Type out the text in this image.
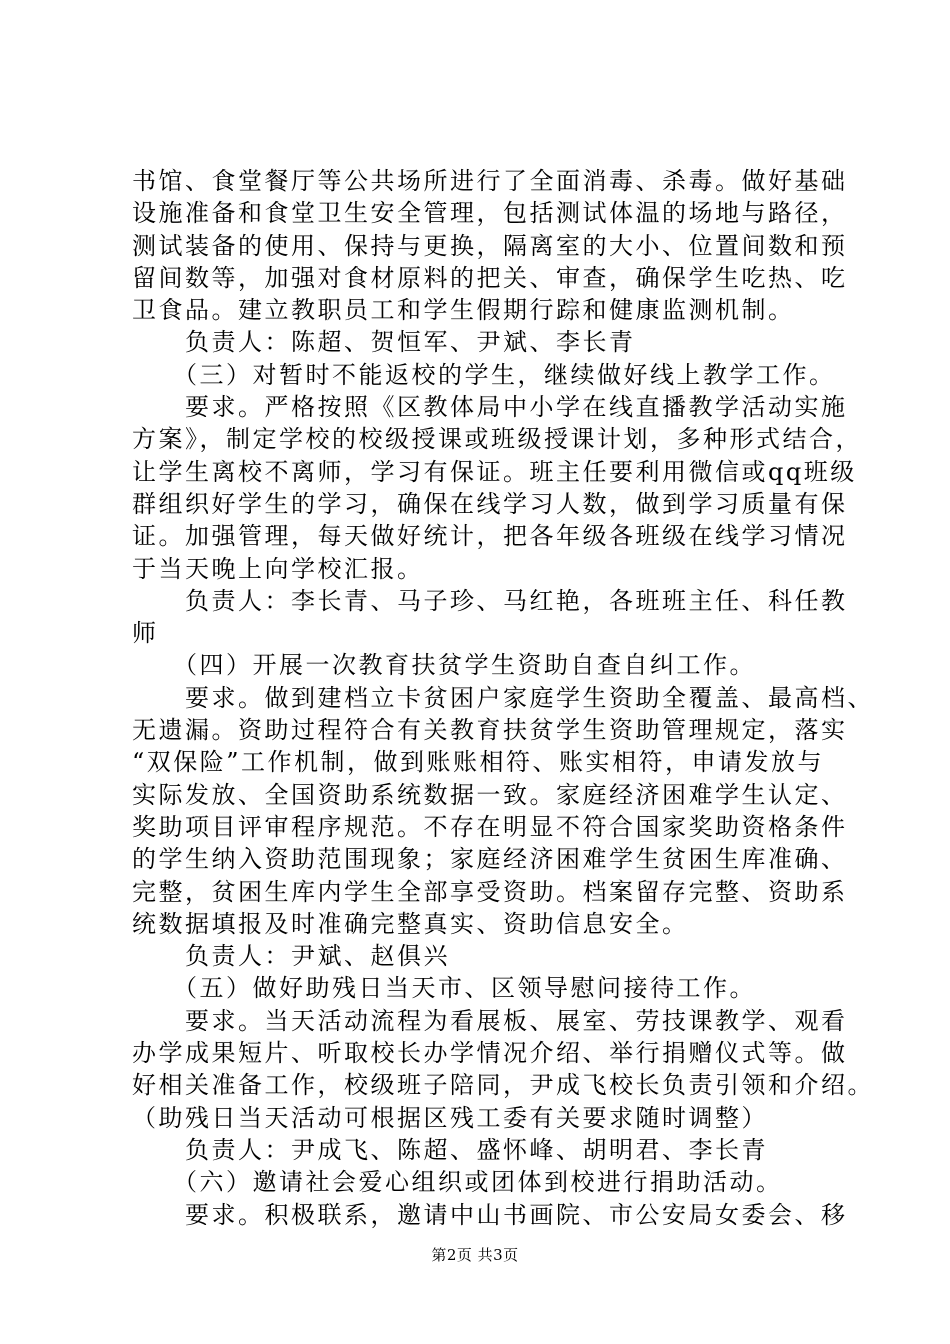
书馆、食堂餐厅等公共场所进行了全面消毒、杀毒。做好基础
设施准备和食堂卫生安全管理，包括测试体温的场地与路径，
测试装备的使用、保持与更换，隔离室的大小、位置间数和预
留间数等，加强对食材原料的把关、审查，确保学生吃热、吃
卫食品。建立教职员工和学生假期行踪和健康监测机制。
　　负责人：陈超、贺恒军、尹斌、李长青
　　（三）对暂时不能返校的学生，继续做好线上教学工作。
　　要求。严格按照《区教体局中小学在线直播教学活动实施
方案》，制定学校的校级授课或班级授课计划，多种形式结合，
让学生离校不离师，学习有保证。班主任要利用微信或qq班级
群组织好学生的学习，确保在线学习人数，做到学习质量有保
证。加强管理，每天做好统计，把各年级各班级在线学习情况
于当天晚上向学校汇报。
　　负责人：李长青、马子珍、马红艳，各班班主任、科任教
师
　　（四）开展一次教育扶贫学生资助自查自纠工作。
　　要求。做到建档立卡贫困户家庭学生资助全覆盖、最高档、
无遗漏。资助过程符合有关教育扶贫学生资助管理规定，落实
“双保险”工作机制，做到账账相符、账实相符，申请发放与
实际发放、全国资助系统数据一致。家庭经济困难学生认定、
奖助项目评审程序规范。不存在明显不符合国家奖助资格条件
的学生纳入资助范围现象；家庭经济困难学生贫困生库准确、
完整，贫困生库内学生全部享受资助。档案留存完整、资助系
统数据填报及时准确完整真实、资助信息安全。
　　负责人：尹斌、赵俱兴
　　（五）做好助残日当天市、区领导慰问接待工作。
　　要求。当天活动流程为看展板、展室、劳技课教学、观看
办学成果短片、听取校长办学情况介绍、举行捐赠仪式等。做
好相关准备工作，校级班子陪同，尹成飞校长负责引领和介绍。
（助残日当天活动可根据区残工委有关要求随时调整）
　　负责人：尹成飞、陈超、盛怀峰、胡明君、李长青
　　（六）邀请社会爱心组织或团体到校进行捐助活动。
　　要求。积极联系，邀请中山书画院、市公安局女委会、移
第2页 共3页
